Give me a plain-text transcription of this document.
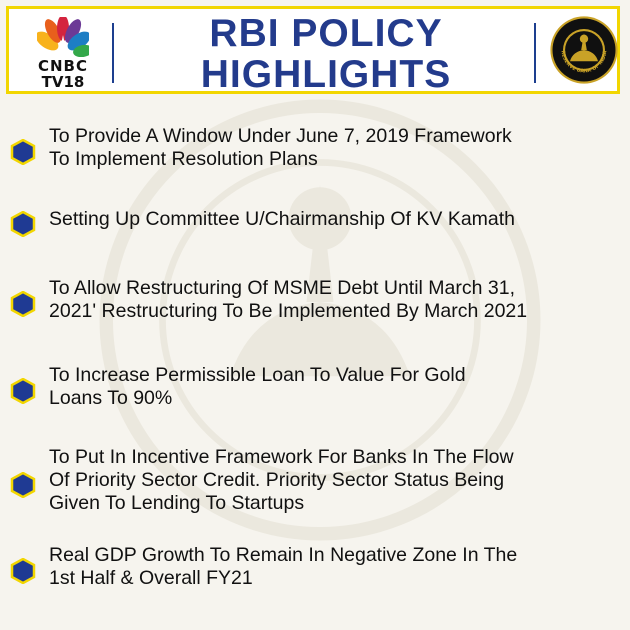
CNBC
TV18
RBI POLICY
HIGHLIGHTS
RESERVE BANK OF INDIA
To Provide A Window Under June 7, 2019 Framework
To Implement Resolution Plans
Setting Up Committee U/Chairmanship Of KV Kamath
To Allow Restructuring Of MSME Debt Until March 31,
2021' Restructuring To Be Implemented By March 2021
To Increase Permissible Loan To Value For Gold
Loans To 90%
To Put In Incentive Framework For Banks In The Flow
Of Priority Sector Credit. Priority Sector Status Being
Given To Lending To Startups
Real GDP Growth To Remain In Negative Zone In The
1st Half & Overall FY21
